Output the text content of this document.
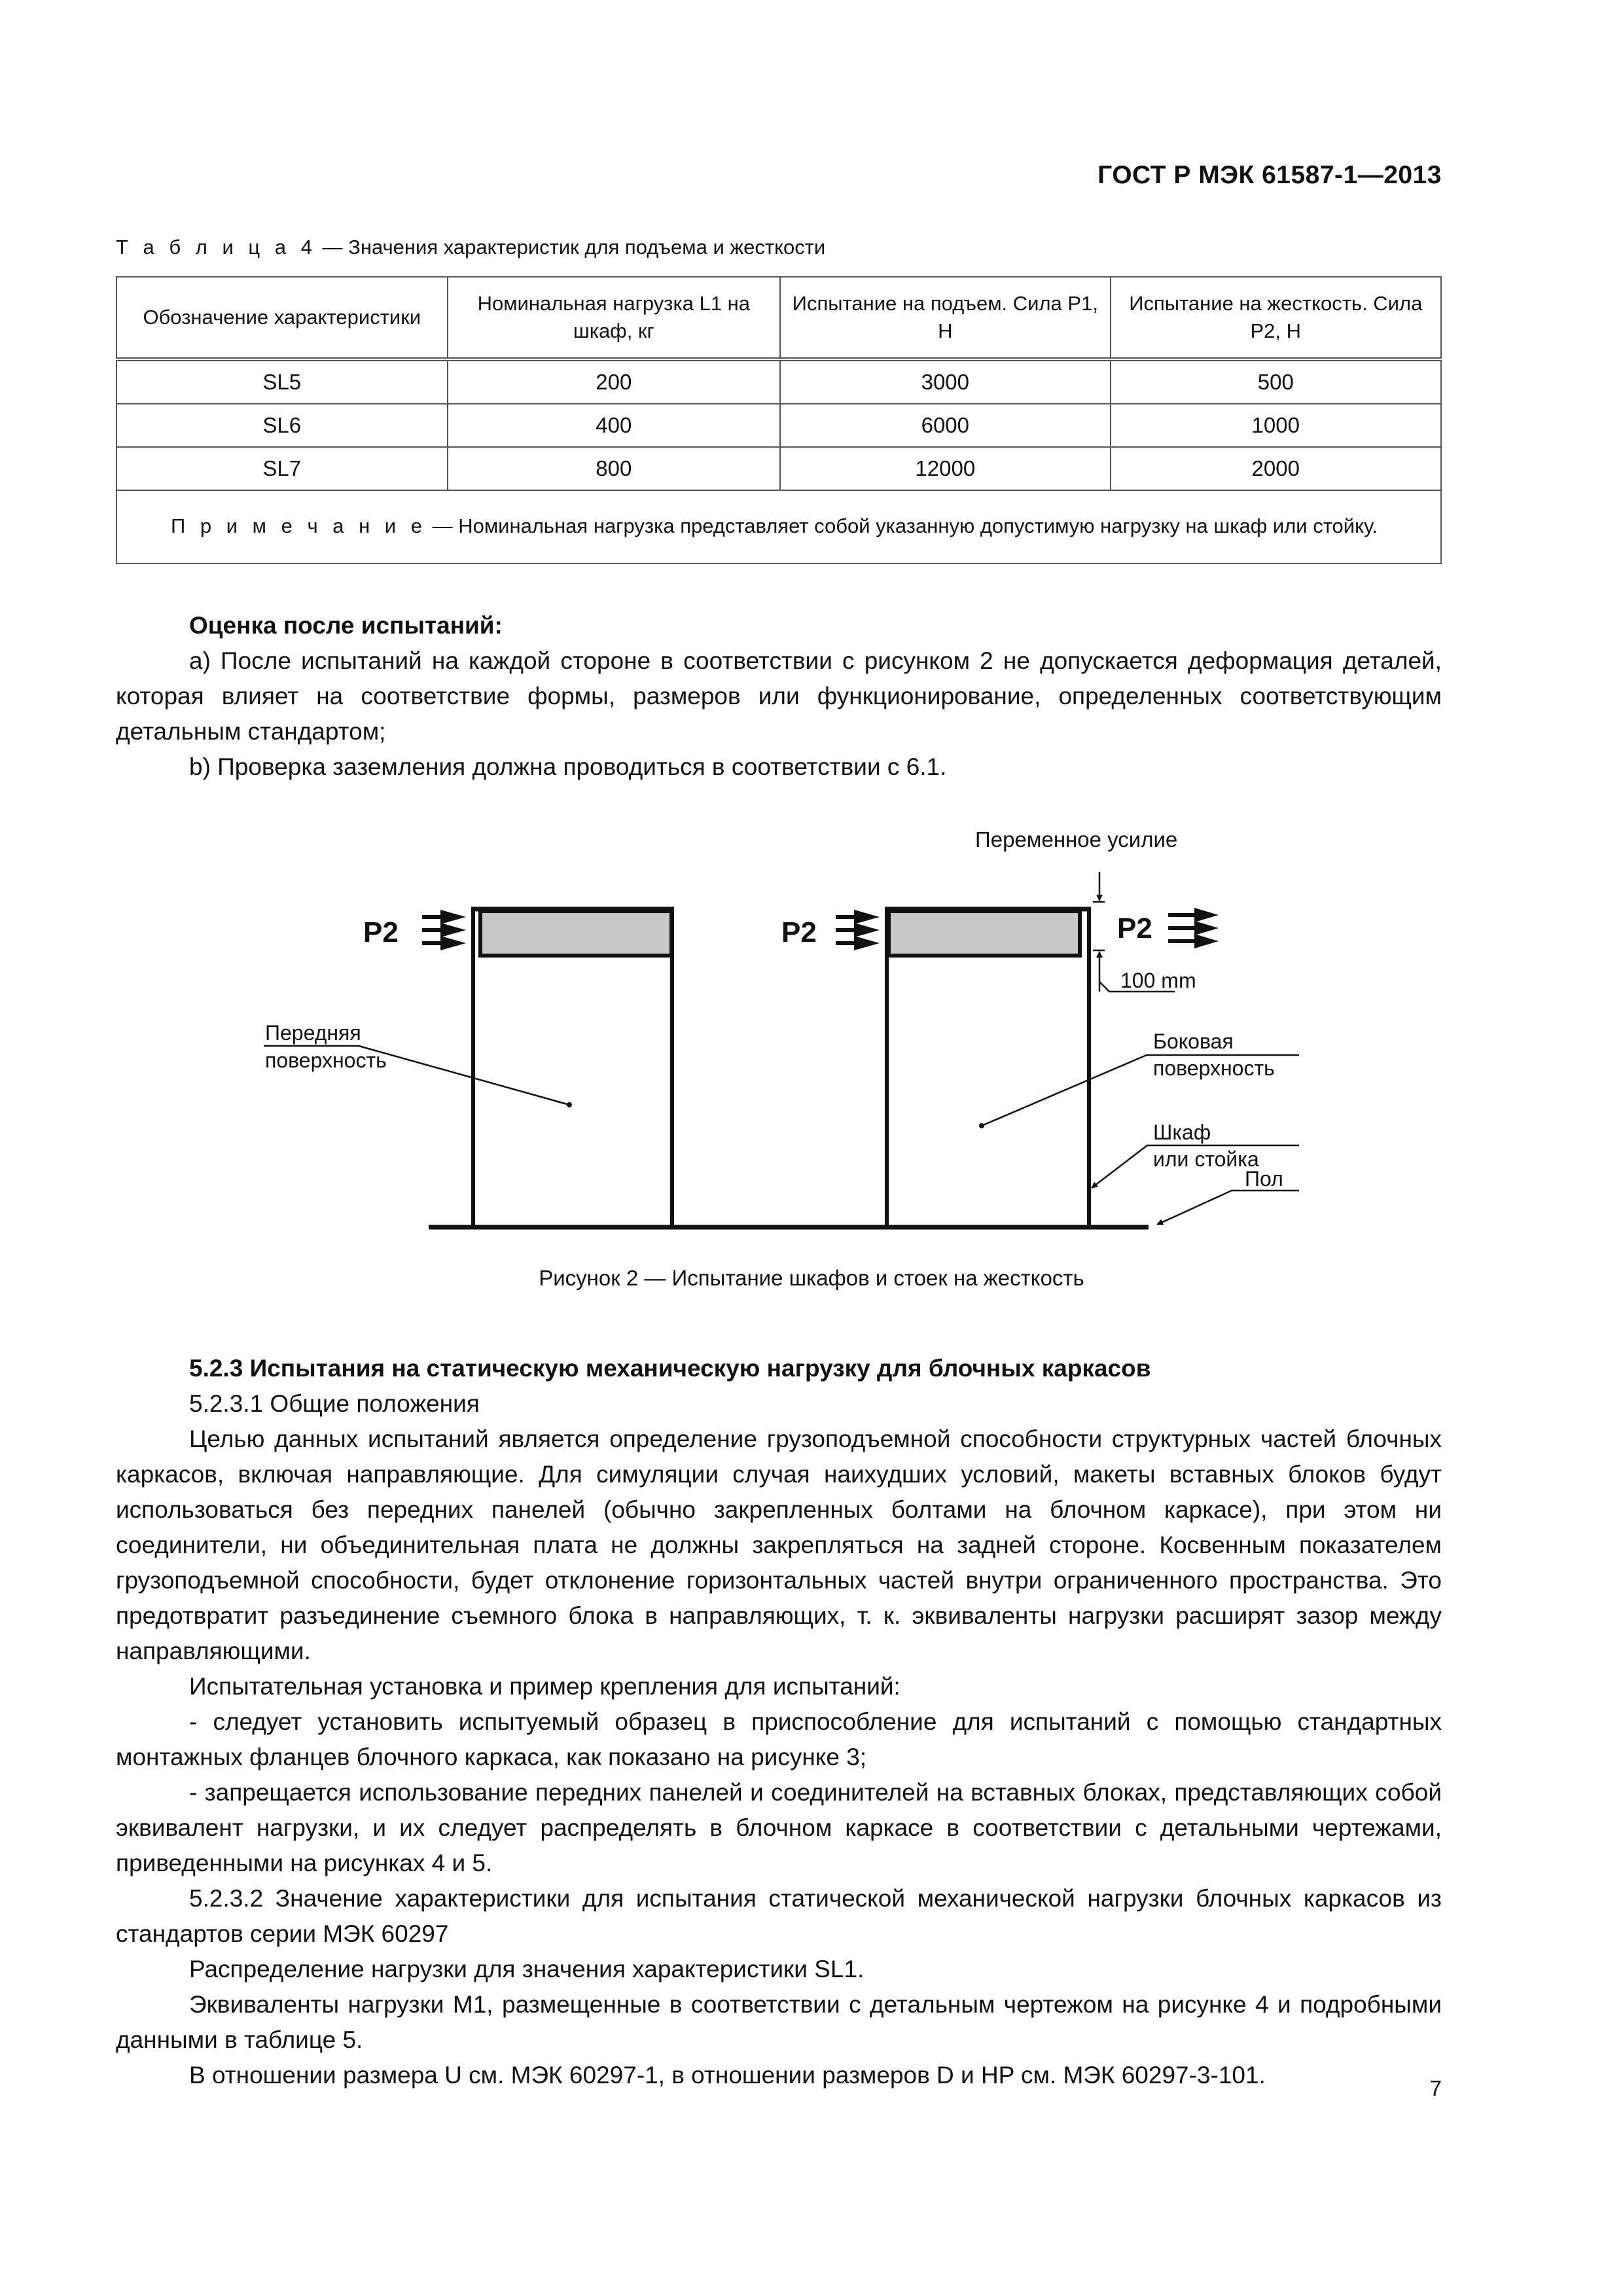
ГОСТ Р МЭК 61587-1—2013
Т а б л и ц а 4 — Значения характеристик для подъема и жесткости
Обозначение характеристики	Номинальная нагрузка L1 на шкаф, кг	Испытание на подъем. Сила Р1, Н	Испытание на жесткость. Сила Р2, Н
SL5	200	3000	500
SL6	400	6000	1000
SL7	800	12000	2000
П р и м е ч а н и е — Номинальная нагрузка представляет собой указанную допустимую нагрузку на шкаф или стойку.			

Оценка после испытаний:

а) После испытаний на каждой стороне в соответствии с рисунком 2 не допускается деформация деталей, которая влияет на соответствие формы, размеров или функционирование, определенных соответствующим детальным стандартом;

b) Проверка заземления должна проводиться в соответствии с 6.1.

Переменное усилие
P2	P2	P2
100 mm
Передняя
поверхность
Боковая
поверхность
Шкаф
или стойка
Пол
Рисунок 2 — Испытание шкафов и стоек на жесткость

5.2.3 Испытания на статическую механическую нагрузку для блочных каркасов

5.2.3.1 Общие положения

Целью данных испытаний является определение грузоподъемной способности структурных частей блочных каркасов, включая направляющие. Для симуляции случая наихудших условий, макеты вставных блоков будут использоваться без передних панелей (обычно закрепленных болтами на блочном каркасе), при этом ни соединители, ни объединительная плата не должны закрепляться на задней стороне. Косвенным показателем грузоподъемной способности, будет отклонение горизонтальных частей внутри ограниченного пространства. Это предотвратит разъединение съемного блока в направляющих, т. к. эквиваленты нагрузки расширят зазор между направляющими.

Испытательная установка и пример крепления для испытаний:

- следует установить испытуемый образец в приспособление для испытаний с помощью стандартных монтажных фланцев блочного каркаса, как показано на рисунке 3;

- запрещается использование передних панелей и соединителей на вставных блоках, представляющих собой эквивалент нагрузки, и их следует распределять в блочном каркасе в соответствии с детальными чертежами, приведенными на рисунках 4 и 5.

5.2.3.2 Значение характеристики для испытания статической механической нагрузки блочных каркасов из стандартов серии МЭК 60297

Распределение нагрузки для значения характеристики SL1.

Эквиваленты нагрузки М1, размещенные в соответствии с детальным чертежом на рисунке 4 и подробными данными в таблице 5.

В отношении размера U см. МЭК 60297-1, в отношении размеров D и HP см. МЭК 60297-3-101.	7
